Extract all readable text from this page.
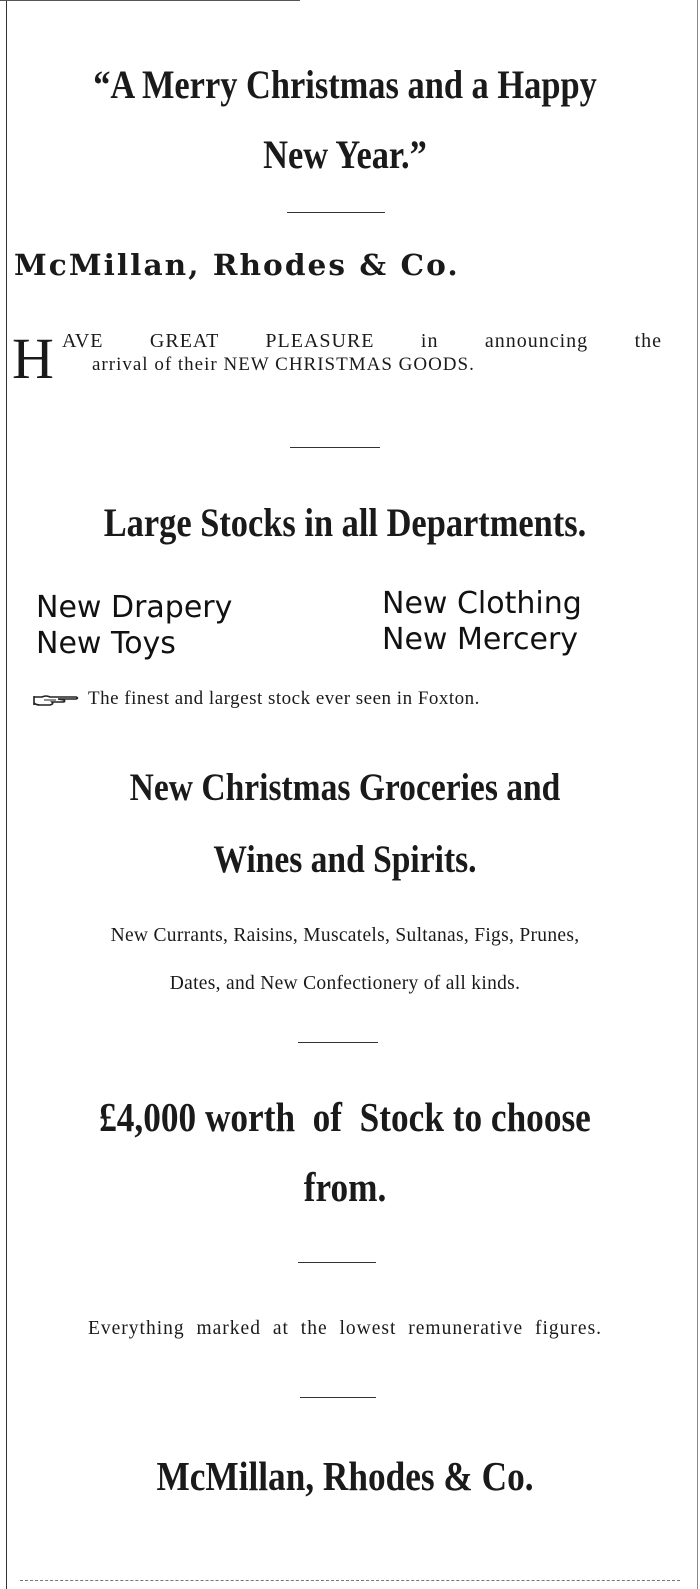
“A Merry Christmas and a Happy
New Year.”
McMillan, Rhodes & Co.
H AVE GREAT PLEASURE in announcing the
arrival of their NEW CHRISTMAS GOODS.
Large Stocks in all Departments.
New Drapery
New Toys
New Clothing
New Mercery
The finest and largest stock ever seen in Foxton.
New Christmas Groceries and
Wines and Spirits.
New Currants, Raisins, Muscatels, Sultanas, Figs, Prunes,
Dates, and New Confectionery of all kinds.
£4,000 worth  of  Stock to choose
from.
Everything marked at the lowest remunerative figures.
McMillan, Rhodes & Co.
